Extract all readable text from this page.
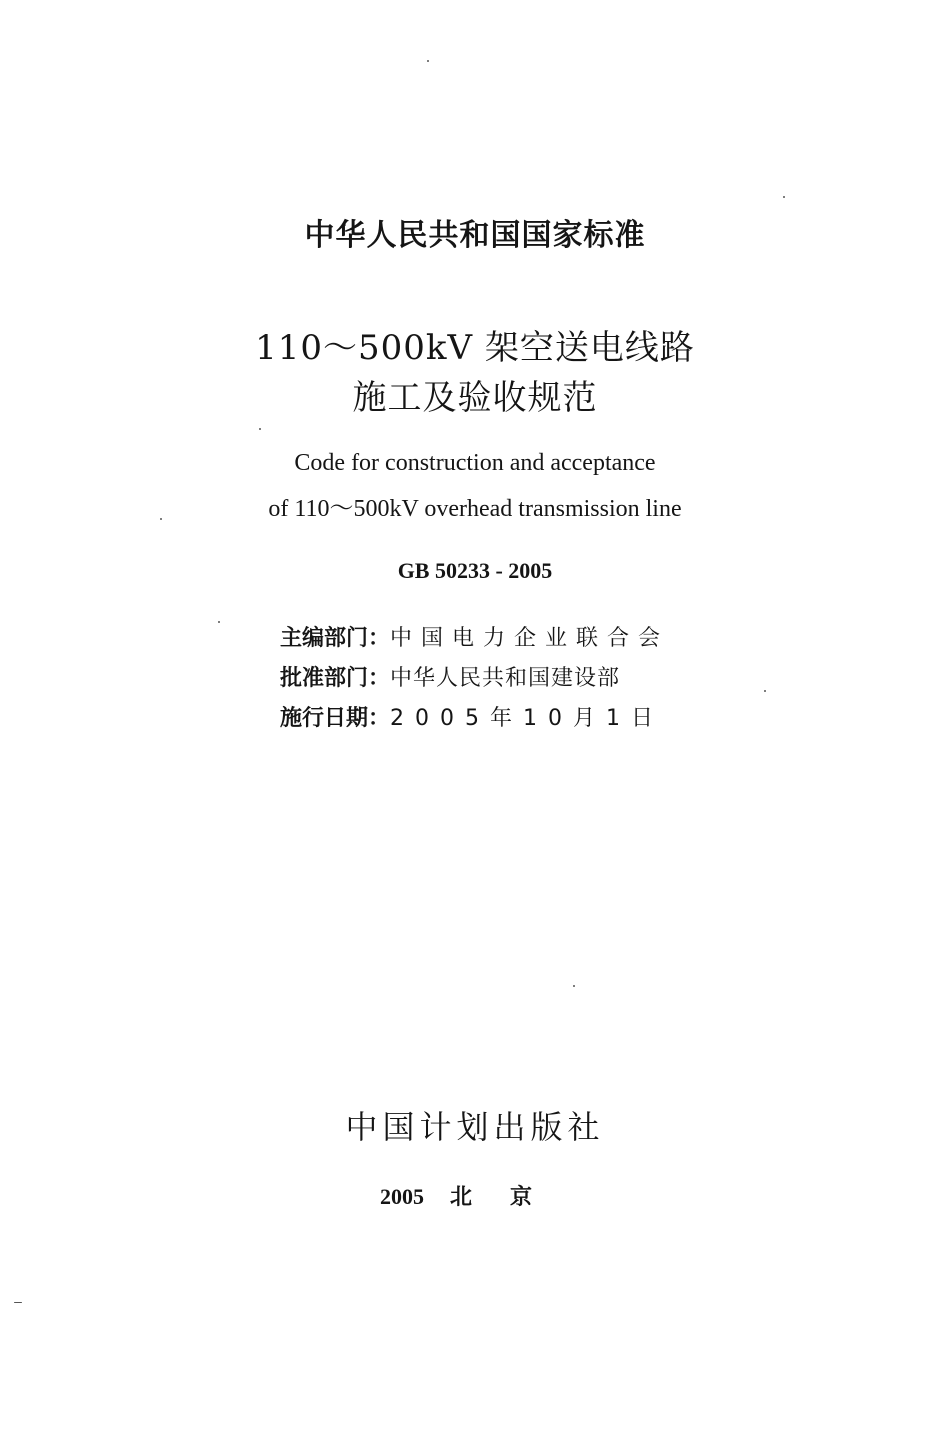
中华人民共和国国家标准
110～500kV 架空送电线路
施工及验收规范
Code for construction and acceptance
of 110～500kV overhead transmission line
GB 50233 - 2005
主编部门：中国电力企业联合会
批准部门：中华人民共和国建设部
施行日期：2005年10月1日
中国计划出版社
2005 北京
